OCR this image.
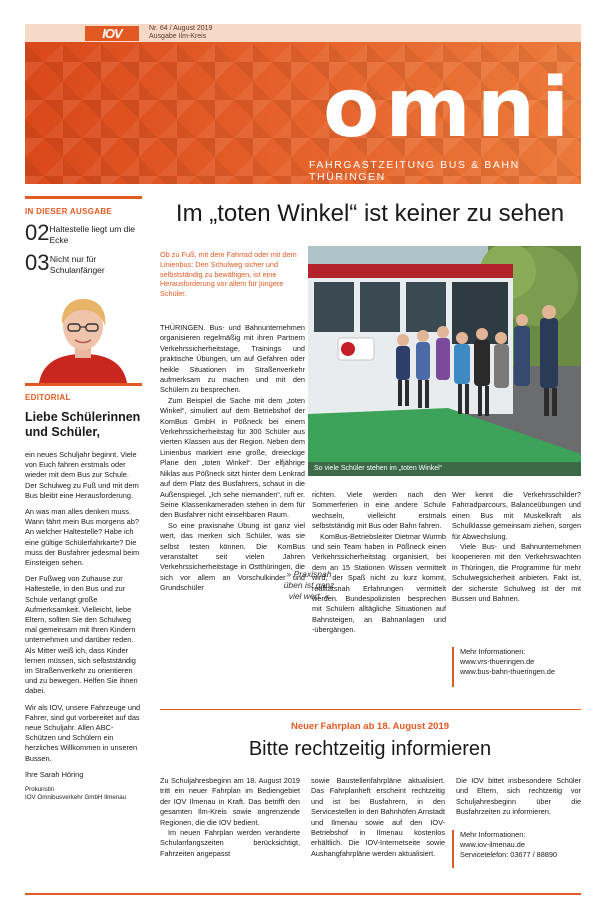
IOV	Nr. 64 / August 2019
Ausgabe Ilm-Kreis
omni
FAHRGASTZEITUNG BUS & BAHN THÜRINGEN
IN DIESER AUSGABE
02 Haltestelle liegt um die Ecke
03 Nicht nur für Schulanfänger
EDITORIAL
Liebe Schülerinnen und Schüler,

ein neues Schuljahr beginnt. Viele von Euch fahren erstmals oder wieder mit dem Bus zur Schule. Der Schulweg zu Fuß und mit dem Bus bleibt eine Herausforderung.

An was man alles denken muss. Wann fährt mein Bus morgens ab? An welcher Haltestelle? Habe ich eine gültige Schülerfahrkarte? Die muss der Busfahrer jedesmal beim Einsteigen sehen.

Der Fußweg von Zuhause zur Haltestelle, in den Bus und zur Schule verlangt große Aufmerksamkeit. Vielleicht, liebe Eltern, sollten Sie den Schulweg mal gemeinsam mit Ihren Kindern unternehmen und darüber reden. Als Mitter weiß ich, dass Kinder lernen müssen, sich selbstständig im Straßenverkehr zu orientieren und zu bewegen. Helfen Sie ihnen dabei.

Wir als IOV, unsere Fahrzeuge und Fahrer, sind gut vorbereitet auf das neue Schuljahr. Allen ABC-Schützen und Schülern ein herzliches Willkommen in unseren Bussen.

Ihre Sarah Höring

Prokuristin
IOV Omnibusverkehr GmbH Ilmenau
Im „toten Winkel“ ist keiner zu sehen
Ob zu Fuß, mit dem Fahrrad oder mit dem Linienbus: Den Schulweg sicher und selbstständig zu bewältigen, ist eine Herausforderung vor allem für jüngere Schüler.
So viele Schüler stehen im „toten Winkel“

THÜRINGEN. Bus- und Bahnunternehmen organisieren regelmäßig mit ihren Partnern Verkehrssicherheitstage, Trainings und praktische Übungen, um auf Gefahren oder heikle Situationen im Straßenverkehr aufmerksam zu machen und mit den Schülern zu besprechen.

Zum Beispiel die Sache mit dem „toten Winkel“, simuliert auf dem Betriebshof der KomBus GmbH in Pößneck bei einem Verkehrssicherheitstag für 300 Schüler aus vierten Klassen aus der Region. Neben dem Linienbus markiert eine große, dreieckige Plane den „toten Winkel“. Der elfjährige Niklas aus Pößneck sitzt hinter dem Lenkrad auf dem Platz des Busfahrers, schaut in die Außenspiegel. „Ich sehe niemanden“, ruft er. Seine Klassenkameraden stehen in dem für den Busfahrer nicht einsehbaren Raum.

So eine praxisnahe Übung ist ganz viel wert, das merken sich Schüler, was sie selbst testen können. Die KomBus veranstaltet seit vielen Jahren Verkehrssicherheitstage in Ostthüringen, die sich vor allem an Vorschulkinder und Grundschüler

» Praxisnah üben ist ganz viel wert. «

richten. Viele werden nach den Sommerferien in eine andere Schule wechseln, vielleicht erstmals selbstständig mit Bus oder Bahn fahren.

KomBus-Betriebsleiter Dietmar Wurmb und sein Team haben in Pößneck einen Verkehrssicherheitstag organisiert, bei dem an 15 Stationen Wissen vermittelt wird, der Spaß nicht zu kurz kommt, realitätsnah Erfahrungen vermittelt werden. Bundespolizisten besprechen mit Schülern alltägliche Situationen auf Bahnsteigen, an Bahnanlagen und -übergängen.

Wer kennt die Verkehrsschilder? Fahrradparcours, Balanceübungen und einen Bus mit Muskelkraft als Schulklasse gemeinsam ziehen, sorgen für Abwechslung.

Viele Bus- und Bahnunternehmen kooperieren mit den Verkehrswachten in Thüringen, die Programme für mehr Schulwegsicherheit anbieten. Fakt ist, der sicherste Schulweg ist der mit Bussen und Bahnen.

Mehr Informationen:
www.vrs-thueringen.de
www.bus-bahn-thueringen.de
Neuer Fahrplan ab 18. August 2019
Bitte rechtzeitig informieren

Zu Schuljahresbeginn am 18. August 2019 tritt ein neuer Fahrplan im Bediengebiet der IOV Ilmenau in Kraft. Das betrifft den gesamten Ilm-Kreis sowie angrenzende Regionen, die die IOV bedient.

Im neuen Fahrplan werden veränderte Schulanfangszeiten berücksichtigt, Fahrzeiten angepasst

sowie Baustellenfahrpläne aktualisiert. Das Fahrplanheft erscheint rechtzeitig und ist bei Busfahrern, in den Servicestellen in den Bahnhöfen Arnstadt und Ilmenau sowie auf den IOV-Betriebshof in Ilmenau kostenlos erhältlich. Die IOV-Internetseite sowie Aushangfahrpläne werden aktualisiert.

Die IOV bittet insbesondere Schüler und Eltern, sich rechtzeitig vor Schuljahresbeginn über die Busfahrzeiten zu informieren.

Mehr Informationen:
www.iov-ilmenau.de
Servicetelefon: 03677 / 88890
